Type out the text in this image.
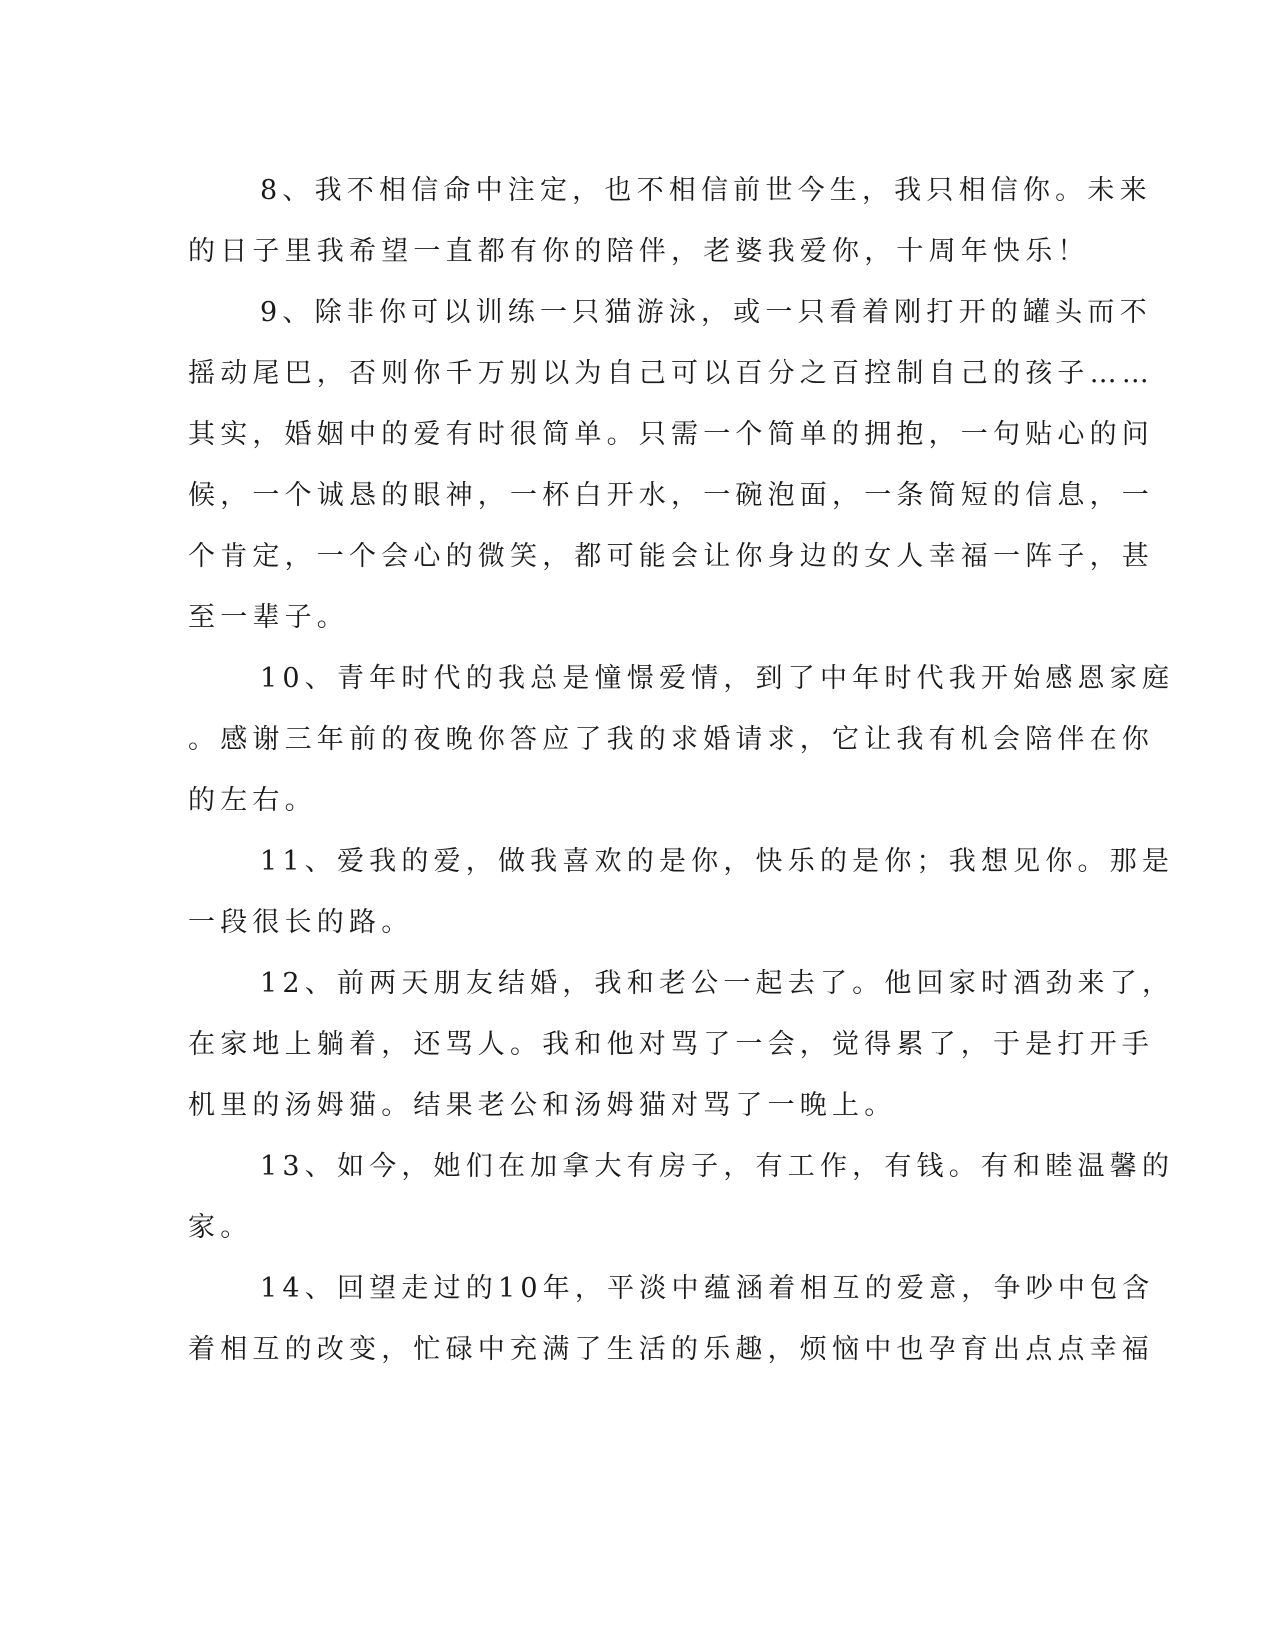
8、我不相信命中注定，也不相信前世今生，我只相信你。未来
的日子里我希望一直都有你的陪伴，老婆我爱你，十周年快乐！
9、除非你可以训练一只猫游泳，或一只看着刚打开的罐头而不
摇动尾巴，否则你千万别以为自己可以百分之百控制自己的孩子……
其实，婚姻中的爱有时很简单。只需一个简单的拥抱，一句贴心的问
候，一个诚恳的眼神，一杯白开水，一碗泡面，一条简短的信息，一
个肯定，一个会心的微笑，都可能会让你身边的女人幸福一阵子，甚
至一辈子。
10、青年时代的我总是憧憬爱情，到了中年时代我开始感恩家庭
。感谢三年前的夜晚你答应了我的求婚请求，它让我有机会陪伴在你
的左右。
11、爱我的爱，做我喜欢的是你，快乐的是你；我想见你。那是
一段很长的路。
12、前两天朋友结婚，我和老公一起去了。他回家时酒劲来了，
在家地上躺着，还骂人。我和他对骂了一会，觉得累了，于是打开手
机里的汤姆猫。结果老公和汤姆猫对骂了一晚上。
13、如今，她们在加拿大有房子，有工作，有钱。有和睦温馨的
家。
14、回望走过的10年，平淡中蕴涵着相互的爱意，争吵中包含
着相互的改变，忙碌中充满了生活的乐趣，烦恼中也孕育出点点幸福
